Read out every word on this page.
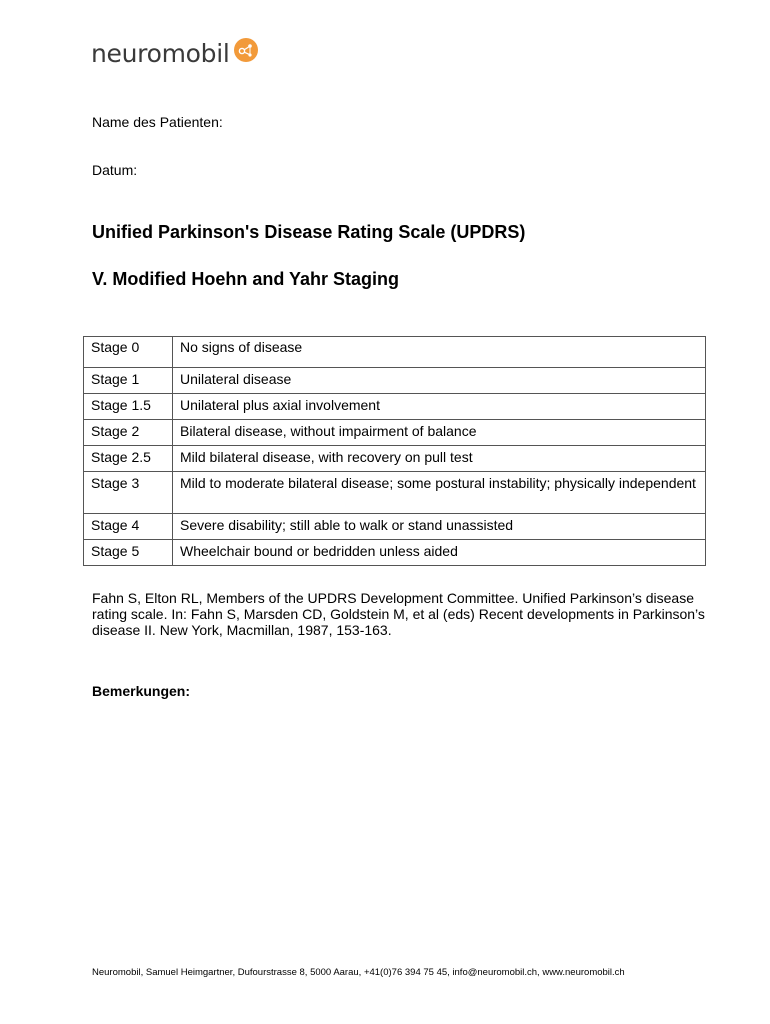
neuromobil
Name des Patienten:
Datum:
Unified Parkinson's Disease Rating Scale (UPDRS)
V. Modified Hoehn and Yahr Staging
Stage 0	No signs of disease
Stage 1	Unilateral disease
Stage 1.5	Unilateral plus axial involvement
Stage 2	Bilateral disease, without impairment of balance
Stage 2.5	Mild bilateral disease, with recovery on pull test
Stage 3	Mild to moderate bilateral disease; some postural instability; physically independent
Stage 4	Severe disability; still able to walk or stand unassisted
Stage 5	Wheelchair bound or bedridden unless aided
Fahn S, Elton RL, Members of the UPDRS Development Committee. Unified Parkinson’s disease rating scale. In: Fahn S, Marsden CD, Goldstein M, et al (eds) Recent developments in Parkinson’s disease II. New York, Macmillan, 1987, 153-163.
Bemerkungen:
Neuromobil, Samuel Heimgartner, Dufourstrasse 8, 5000 Aarau, +41(0)76 394 75 45, info@neuromobil.ch, www.neuromobil.ch
